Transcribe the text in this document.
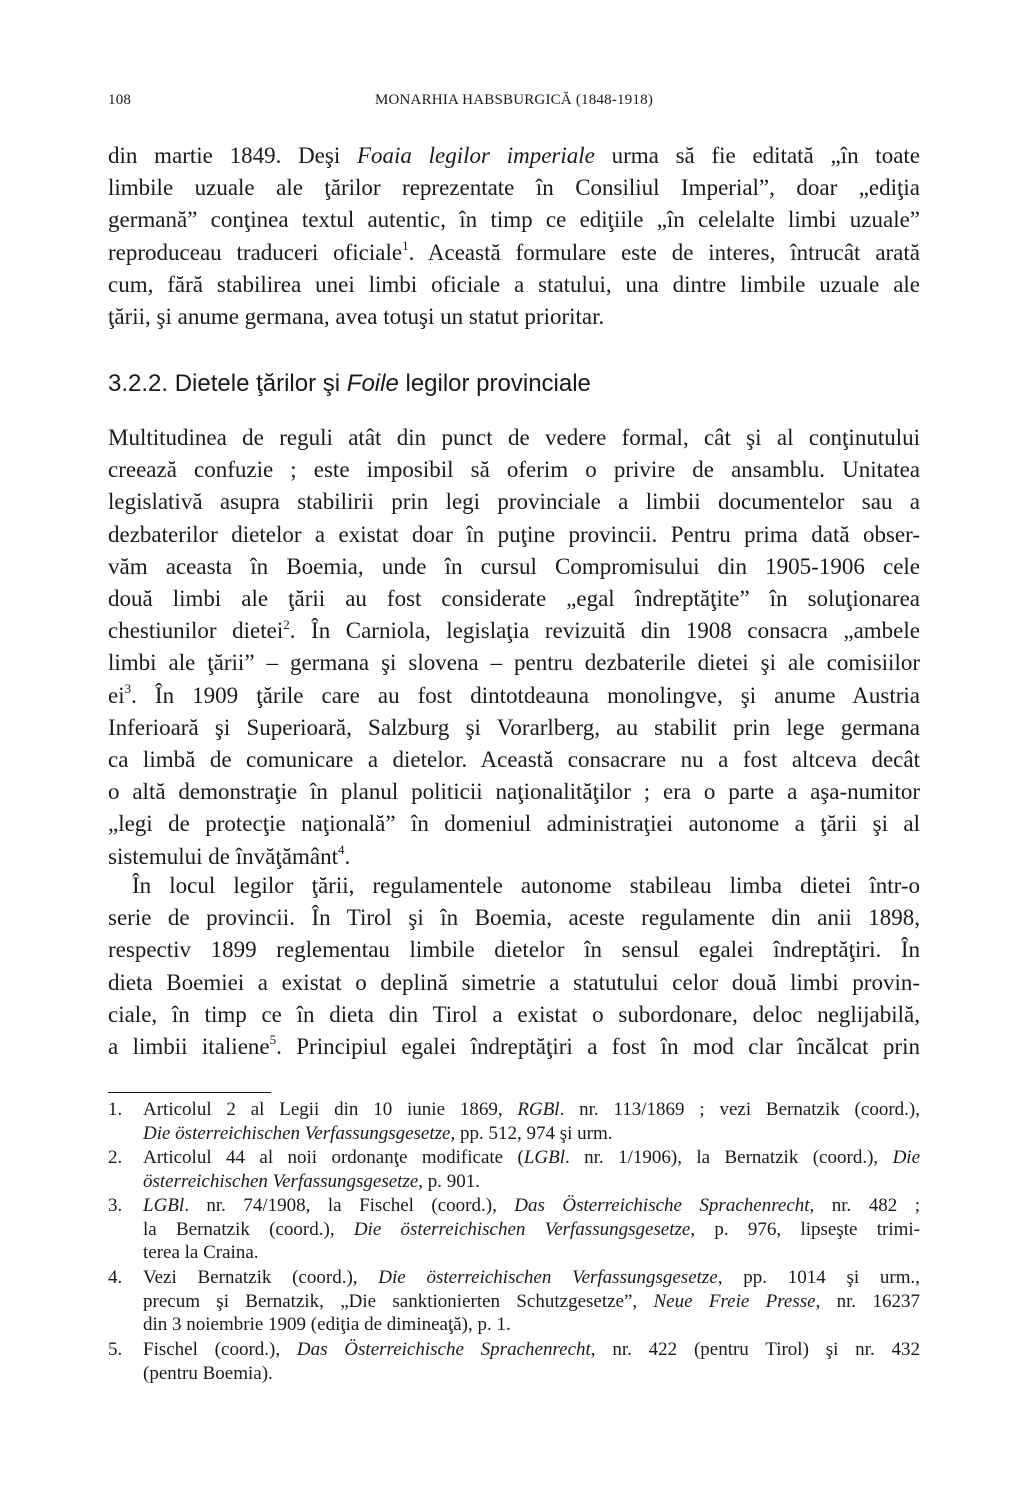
108	MONARHIA HABSBURGICĂ (1848-1918)
din martie 1849. Deşi Foaia legilor imperiale urma să fie editată „în toate
limbile uzuale ale ţărilor reprezentate în Consiliul Imperial”, doar „ediţia
germană” conţinea textul autentic, în timp ce ediţiile „în celelalte limbi uzuale”
reproduceau traduceri oficiale$^1$. Această formulare este de interes, întrucât arată
cum, fără stabilirea unei limbi oficiale a statului, una dintre limbile uzuale ale
ţării, şi anume germana, avea totuşi un statut prioritar.
3.2.2. Dietele ţărilor şi Foile legilor provinciale
Multitudinea de reguli atât din punct de vedere formal, cât şi al conţinutului
creează confuzie ; este imposibil să oferim o privire de ansamblu. Unitatea
legislativă asupra stabilirii prin legi provinciale a limbii documentelor sau a
dezbaterilor dietelor a existat doar în puţine provincii. Pentru prima dată obser-
văm aceasta în Boemia, unde în cursul Compromisului din 1905-1906 cele
două limbi ale ţării au fost considerate „egal îndreptăţite” în soluţionarea
chestiunilor dietei$^2$. În Carniola, legislaţia revizuită din 1908 consacra „ambele
limbi ale ţării” – germana şi slovena – pentru dezbaterile dietei şi ale comisiilor
$ei^3$. În 1909 ţările care au fost dintotdeauna monolingve, şi anume Austria
Inferioară şi Superioară, Salzburg şi Vorarlberg, au stabilit prin lege germana
ca limbă de comunicare a dietelor. Această consacrare nu a fost altceva decât
o altă demonstraţie în planul politicii naţionalităţilor ; era o parte a aşa-numitor
„legi de protecţie naţională” în domeniul administraţiei autonome a ţării şi al
sistemului de învăţământ$^4$.
În locul legilor ţării, regulamentele autonome stabileau limba dietei într-o
serie de provincii. În Tirol şi în Boemia, aceste regulamente din anii 1898,
respectiv 1899 reglementau limbile dietelor în sensul egalei îndreptăţiri. În
dieta Boemiei a existat o deplină simetrie a statutului celor două limbi provin-
ciale, în timp ce în dieta din Tirol a existat o subordonare, deloc neglijabilă,
a limbii italiene$^5$. Principiul egalei îndreptăţiri a fost în mod clar încălcat prin
1.	Articolul 2 al Legii din 10 iunie 1869, RGBl. nr. 113/1869 ; vezi Bernatzik (coord.),
Die österreichischen Verfassungsgesetze, pp. 512, 974 şi urm.
2.	Articolul 44 al noii ordonanţe modificate (LGBl. nr. 1/1906), la Bernatzik (coord.), Die
österreichischen Verfassungsgesetze, p. 901.
3.	LGBl. nr. 74/1908, la Fischel (coord.), Das Österreichische Sprachenrecht, nr. 482 ;
la Bernatzik (coord.), Die österreichischen Verfassungsgesetze, p. 976, lipseşte trimi-
terea la Craina.
4.	Vezi Bernatzik (coord.), Die österreichischen Verfassungsgesetze, pp. 1014 şi urm.,
precum şi Bernatzik, „Die sanktionierten Schutzgesetze”, Neue Freie Presse, nr. 16237
din 3 noiembrie 1909 (ediţia de dimineaţă), p. 1.
5.	Fischel (coord.), Das Österreichische Sprachenrecht, nr. 422 (pentru Tirol) şi nr. 432
(pentru Boemia).
